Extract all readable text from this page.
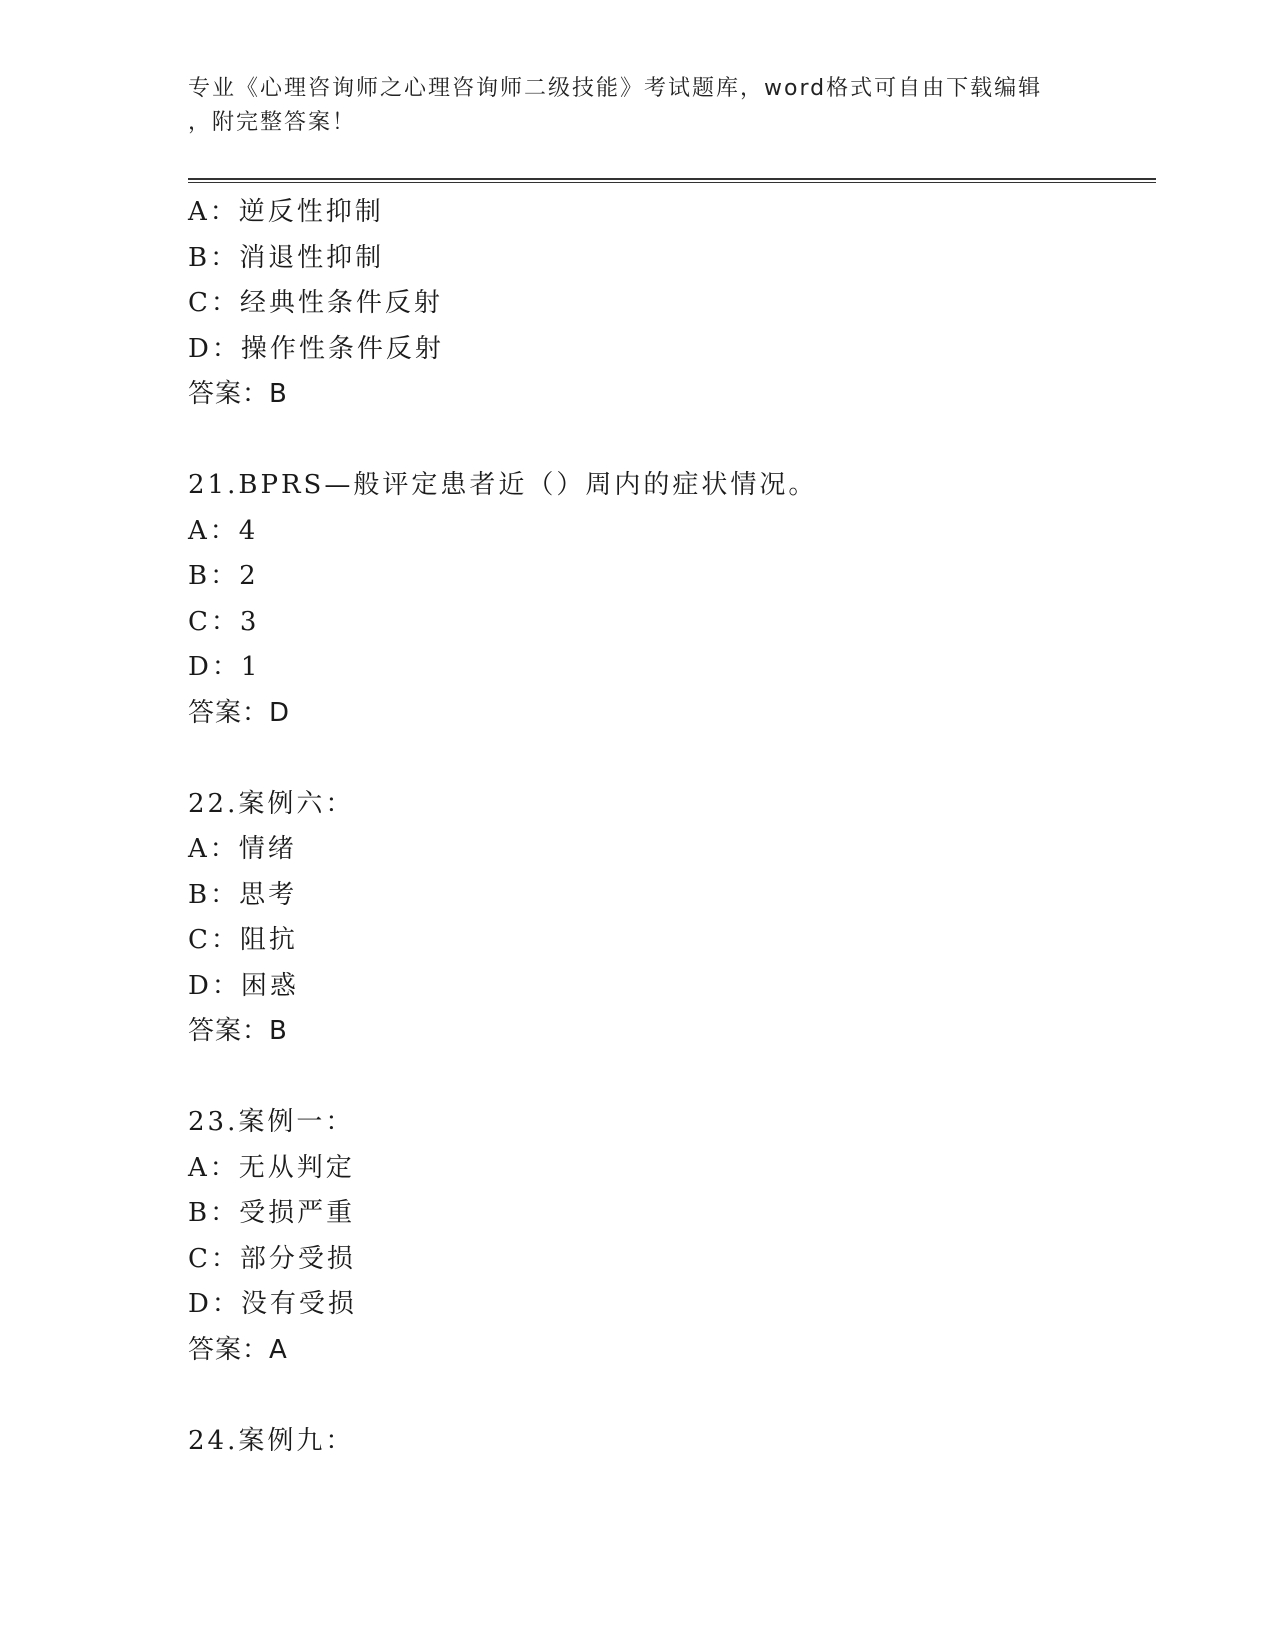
专业《心理咨询师之心理咨询师二级技能》考试题库，word格式可自由下载编辑
，附完整答案！
A：逆反性抑制
B：消退性抑制
C：经典性条件反射
D：操作性条件反射
答案：B
21.BPRS—般评定患者近（）周内的症状情况。
A：4
B：2
C：3
D：1
答案：D
22.案例六：
A：情绪
B：思考
C：阻抗
D：困惑
答案：B
23.案例一：
A：无从判定
B：受损严重
C：部分受损
D：没有受损
答案：A
24.案例九：
